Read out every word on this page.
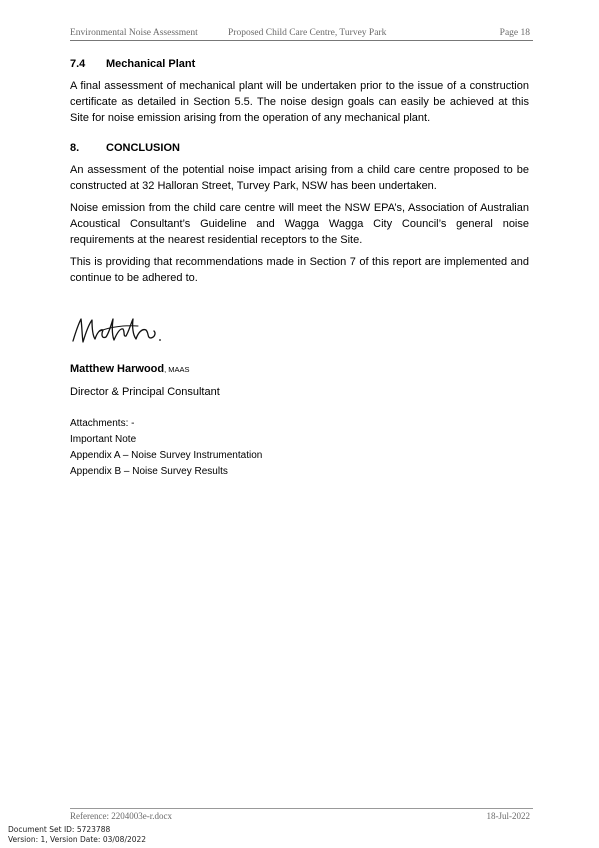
Environmental Noise Assessment	Proposed Child Care Centre, Turvey Park	Page 18
7.4 Mechanical Plant

A final assessment of mechanical plant will be undertaken prior to the issue of a construction certificate as detailed in Section 5.5. The noise design goals can easily be achieved at this Site for noise emission arising from the operation of any mechanical plant.

8. CONCLUSION

An assessment of the potential noise impact arising from a child care centre proposed to be constructed at 32 Halloran Street, Turvey Park, NSW has been undertaken.

Noise emission from the child care centre will meet the NSW EPA’s, Association of Australian Acoustical Consultant’s Guideline and Wagga Wagga City Council’s general noise requirements at the nearest residential receptors to the Site.

This is providing that recommendations made in Section 7 of this report are implemented and continue to be adhered to.

Matthew Harwood, MAAS
Director & Principal Consultant
Attachments: -
Important Note
Appendix A – Noise Survey Instrumentation
Appendix B – Noise Survey Results
Reference: 2204003e-r.docx	18-Jul-2022
Document Set ID: 5723788
Version: 1, Version Date: 03/08/2022
